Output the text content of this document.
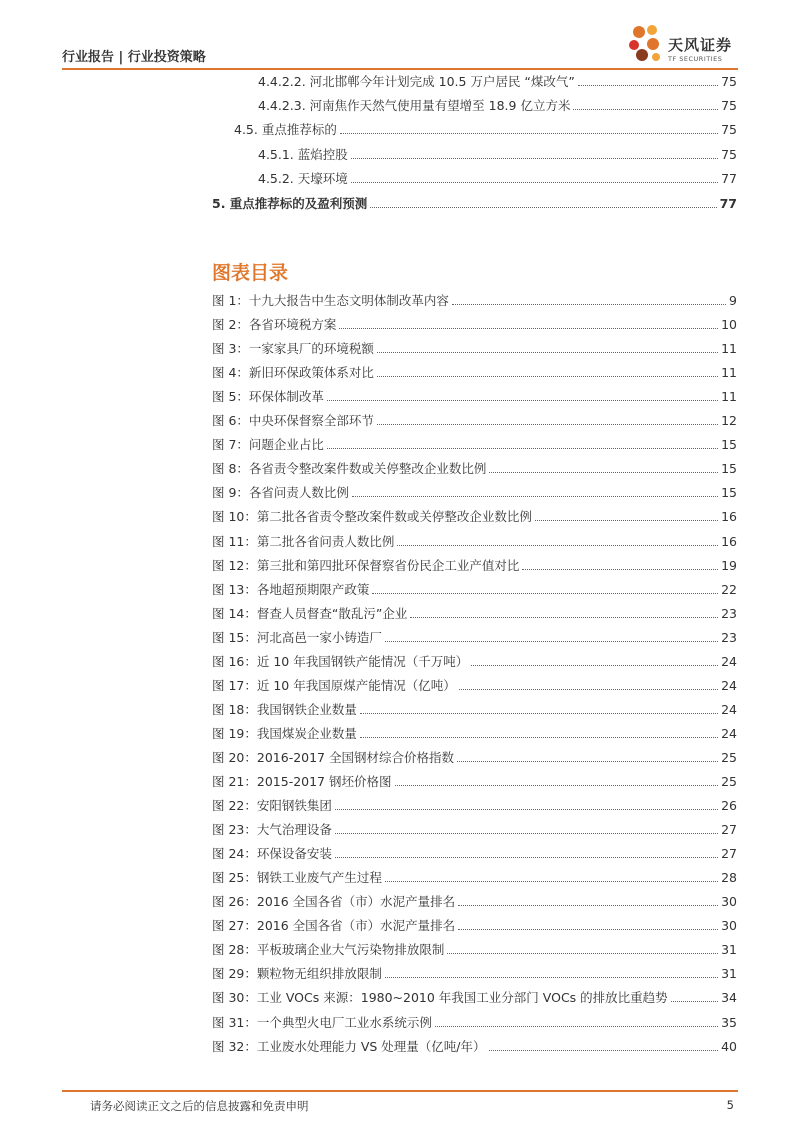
行业报告 | 行业投资策略
天风证券
TF SECURITIES
4.4.2.2. 河北邯郸今年计划完成 10.5 万户居民 “煤改气”	75
4.4.2.3. 河南焦作天然气使用量有望增至 18.9 亿立方米	75
4.5. 重点推荐标的	75
4.5.1. 蓝焰控股	75
4.5.2. 天壕环境	77
5. 重点推荐标的及盈利预测	77
图表目录
图 1：十九大报告中生态文明体制改革内容	9
图 2：各省环境税方案	10
图 3：一家家具厂的环境税额	11
图 4：新旧环保政策体系对比	11
图 5：环保体制改革	11
图 6：中央环保督察全部环节	12
图 7：问题企业占比	15
图 8：各省责令整改案件数或关停整改企业数比例	15
图 9：各省问责人数比例	15
图 10：第二批各省责令整改案件数或关停整改企业数比例	16
图 11：第二批各省问责人数比例	16
图 12：第三批和第四批环保督察省份民企工业产值对比	19
图 13：各地超预期限产政策	22
图 14：督查人员督查“散乱污”企业	23
图 15：河北高邑一家小铸造厂	23
图 16：近 10 年我国钢铁产能情况（千万吨）	24
图 17：近 10 年我国原煤产能情况（亿吨）	24
图 18：我国钢铁企业数量	24
图 19：我国煤炭企业数量	24
图 20：2016-2017 全国钢材综合价格指数	25
图 21：2015-2017 钢坯价格图	25
图 22：安阳钢铁集团	26
图 23：大气治理设备	27
图 24：环保设备安装	27
图 25：钢铁工业废气产生过程	28
图 26：2016 全国各省（市）水泥产量排名	30
图 27：2016 全国各省（市）水泥产量排名	30
图 28：平板玻璃企业大气污染物排放限制	31
图 29：颗粒物无组织排放限制	31
图 30：工业 VOCs 来源：1980~2010 年我国工业分部门 VOCs 的排放比重趋势	34
图 31：一个典型火电厂工业水系统示例	35
图 32：工业废水处理能力 VS 处理量（亿吨/年）	40
请务必阅读正文之后的信息披露和免责申明	5
